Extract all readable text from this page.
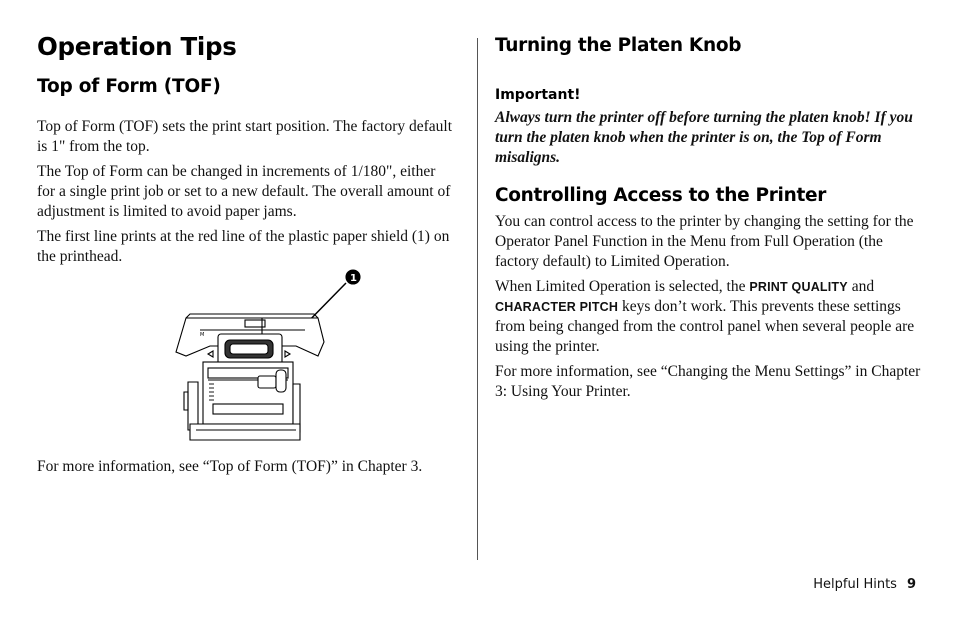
Operation Tips
Top of Form (TOF)

Top of Form (TOF) sets the print start position. The factory default is 1" from the top.

The Top of Form can be changed in increments of 1/180", either for a single print job or set to a new default. The overall amount of adjustment is limited to avoid paper jams.

The first line prints at the red line of the plastic paper shield (1) on the printhead.

1
M

For more information, see “Top of Form (TOF)” in Chapter 3.

Turning the Platen Knob
Important!

Always turn the printer off before turning the platen knob! If you turn the platen knob when the printer is on, the Top of Form misaligns.

Controlling Access to the Printer

You can control access to the printer by changing the setting for the Operator Panel Function in the Menu from Full Operation (the factory default) to Limited Operation.

When Limited Operation is selected, the PRINT QUALITY and CHARACTER PITCH keys don’t work. This prevents these settings from being changed from the control panel when several people are using the printer.

For more information, see “Changing the Menu Settings” in Chapter 3: Using Your Printer.

Helpful Hints 9
